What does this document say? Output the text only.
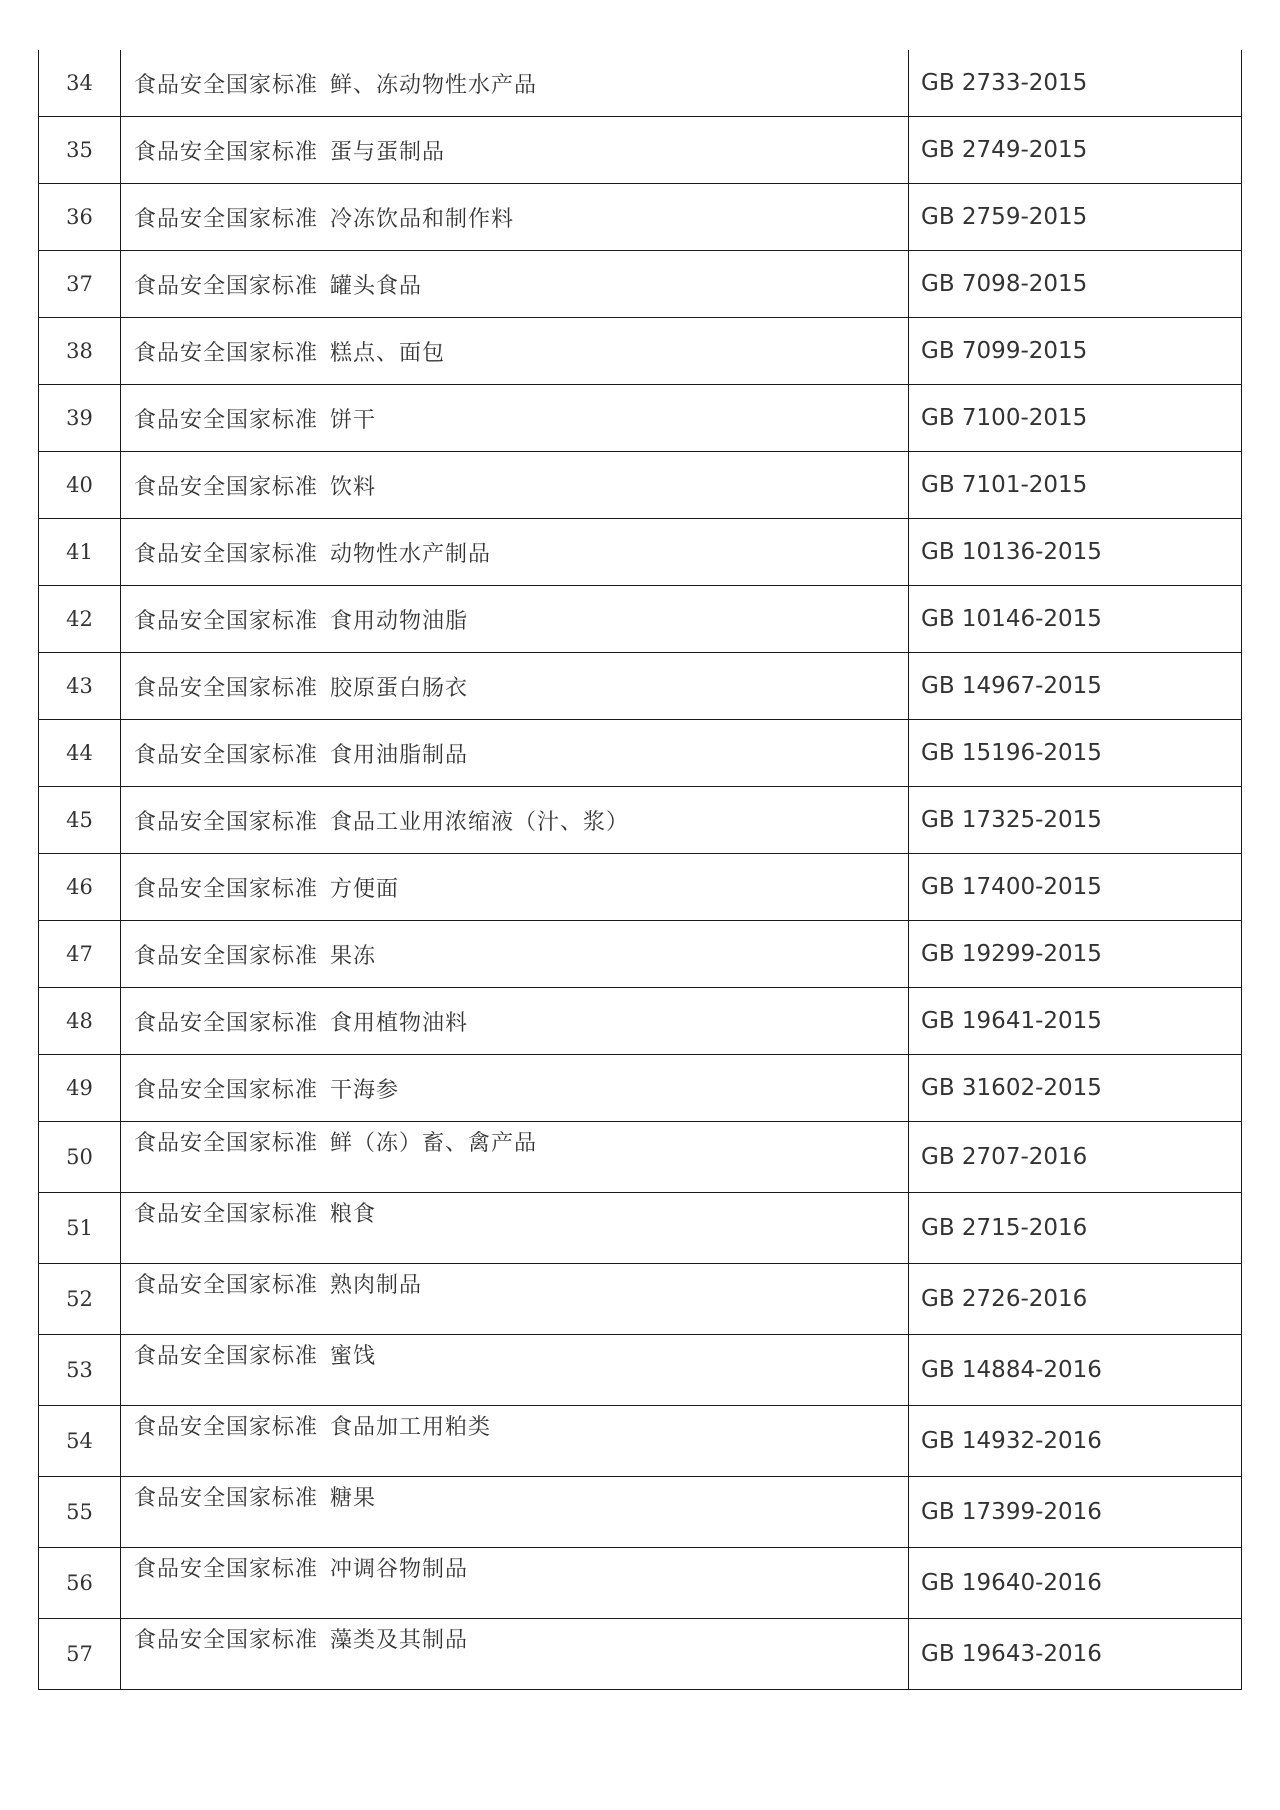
34	食品安全国家标准 鲜、冻动物性水产品	GB 2733-2015
35	食品安全国家标准 蛋与蛋制品	GB 2749-2015
36	食品安全国家标准 冷冻饮品和制作料	GB 2759-2015
37	食品安全国家标准 罐头食品	GB 7098-2015
38	食品安全国家标准 糕点、面包	GB 7099-2015
39	食品安全国家标准 饼干	GB 7100-2015
40	食品安全国家标准 饮料	GB 7101-2015
41	食品安全国家标准 动物性水产制品	GB 10136-2015
42	食品安全国家标准 食用动物油脂	GB 10146-2015
43	食品安全国家标准 胶原蛋白肠衣	GB 14967-2015
44	食品安全国家标准 食用油脂制品	GB 15196-2015
45	食品安全国家标准 食品工业用浓缩液（汁、浆）	GB 17325-2015
46	食品安全国家标准 方便面	GB 17400-2015
47	食品安全国家标准 果冻	GB 19299-2015
48	食品安全国家标准 食用植物油料	GB 19641-2015
49	食品安全国家标准 干海参	GB 31602-2015
50	食品安全国家标准 鲜（冻）畜、禽产品	GB 2707-2016
51	食品安全国家标准 粮食	GB 2715-2016
52	食品安全国家标准 熟肉制品	GB 2726-2016
53	食品安全国家标准 蜜饯	GB 14884-2016
54	食品安全国家标准 食品加工用粕类	GB 14932-2016
55	食品安全国家标准 糖果	GB 17399-2016
56	食品安全国家标准 冲调谷物制品	GB 19640-2016
57	食品安全国家标准 藻类及其制品	GB 19643-2016
